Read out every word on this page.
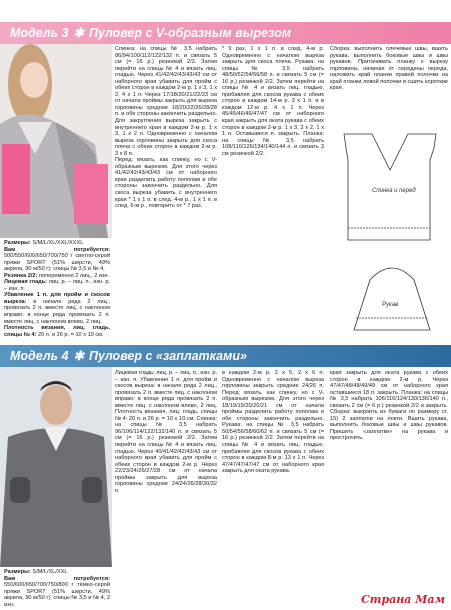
Модель 3 ✱ Пуловер с V-образным вырезом

Размеры: S/M/L/XL/XXL/XXXL

Вам потребуется: 500/550/600/650/700/750 г светло-серой пряжи SPORT (51% шерсти, 49% акрила, 90 м/50 г); спицы № 3,5 и № 4.

Резинка 2/2: попеременно 2 лиц., 2 изн.

Лицевая гладь: лиц. р. – лиц. п., изн. р. – изн. п.

Убавление 1 п. для пройм и скосов выреза: в начале ряда 2 лиц., провязать 2 п. вместе лиц. с наклоном вправо; в конце ряда провязать 2 п. вместе лиц. с наклоном влево, 2 лиц.

Плотность вязания, лиц. гладь, спицы № 4: 20 п. и 26 р. = 10 х 10 см.

Спинка: на спицы № 3,5 набрать 86/94/100/112/122/132 п. и связать 5 см (= 16 р.) резинкой 2/2. Затем перейти на спицы № 4 и вязать лиц. гладью. Через 41/42/42/43/43/43 см от наборного края убавить для пройм с обеих сторон в каждом 2-м р. 1 х 3, 1 х 2, 4 х 1 п. Через 17/18/20/21/22/23 см от начала проймы закрыть для выреза горловины средние 18/20/22/26/28/28 п. и обе стороны закончить раздельно. Для закругления выреза закрыть с внутреннего края в каждом 2-м р. 1 х 3, 1 х 2 п. Одновременно с началом выреза горловины закрыть для скоса плеча с обеих сторон в каждом 2-м р. 3 х 8 п.

Перед: вязать, как спинку, но с V-образным вырезом. Для этого через 41/42/42/43/43/43 см от наборного края разделить работу пополам и обе стороны закончить раздельно. Для скоса выреза убавить с внутреннего края * 1 х 1 п. в след. 4-м р., 1 х 1 п. в след. 6-м р., повторить от * 7 раз.

* 9 раз, 1 х 1 п. в след. 4-м р. Одновременно с началом выреза закрыть для скоса плеча. Рукава: на спицы № 3,5 набрать 48/50/52/54/56/58 п. и связать 5 см (= 16 р.) резинкой 2/2. Затем перейти на спицы № 4 и вязать лиц. гладью, прибавляя для скосов рукава с обеих сторон в каждом 14-м р. 3 х 1 п. и в каждом 12-м р. 4 х 1 п. Через 45/45/46/46/47/47 см от наборного края закрыть для оката рукава с обеих сторон в каждом 2-м р. 1 х 3, 2 х 2, 1 х 1 п. Оставшиеся п. закрыть. Планка: на спицы № 3,5 набрать 108/116/126/134/140/144 п. и связать 3 см резинкой 2/2.

Сборка: выполнить плечевые швы, вшить рукава, выполнить боковые швы и швы рукавов. Притачивать планку к вырезу горловины, начиная от середины переда, наложить край планки правой полочки на край планки левой полочки и сшить короткие края.

Спинка и перед
Рукав
Модель 4 ✱ Пуловер с «заплатками»

Размеры: S/M/L/XL/XXL

Вам потребуется: 550/600/650/700/750/800 г тёмно-серой пряжи SPORT (51% шерсти, 49% акрила, 90 м/50 г); спицы № 3,5 и № 4, 2 изн.

Лицевая гладь: лиц. р. – лиц. п., изн. р. – изн. п. Убавление 1 п. для пройм и скосов выреза: в начале ряда 2 лиц., провязать 2 п. вместе лиц. с наклоном вправо; в конце ряда провязать 2 п. вместе лиц. с наклоном влево, 2 лиц. Плотность вязания, лиц. гладь, спицы № 4: 20 п. и 26 р. = 10 х 10 см. Спинка: на спицы № 3,5 набрать 96/106/114/122/132/140 п. и связать 5 см (= 16 р.) резинкой 2/2. Затем перейти на спицы № 4 и вязать лиц. гладью. Через 40/41/42/42/43/43 см от наборного края убавить для пройм с обеих сторон в каждом 2-м р. Через 22/23/24/26/27/28 см от начала проймы закрыть для выреза горловины средние 24/24/26/28/30/32 п.

в каждом 2-м р. 2 х 5, 2 х 6 п. Одновременно с началом выреза горловины закрыть средние 24/26 п. Перед: вязать, как спинку, но с V-образным вырезом. Для этого через 18/19/19/20/20/21 см от начала проймы разделить работу пополам и обе стороны закончить раздельно. Рукава: на спицы № 3,5 набрать 50/54/56/58/60/62 п. и связать 5 см (= 16 р.) резинкой 2/2. Затем перейти на спицы № 4 и вязать лиц. гладью, прибавляя для скосов рукава с обеих сторон в каждом 8-м р. 13 х 1 п. Через 47/47/47/47/47 см от наборного края закрыть для оката рукава.

края закрыть для оката рукава с обеих сторон в каждом 2-м р. Через 47/47/48/48/49/49 см от наборного края оставшиеся 18 п. закрыть. Планка: на спицы № 3,5 набрать 106/116/124/130/136/140 п., связать 2 см (= 6 р.) резинкой 2/2 и закрыть. Сборка: выкроить из бумаги по размеру ст. 15) 2 заплатки на локти. Вшить рукава, выполнить боковые швы и швы рукавов. Пришить «заплатки» на рукава и прострочить.

Страна Мам
